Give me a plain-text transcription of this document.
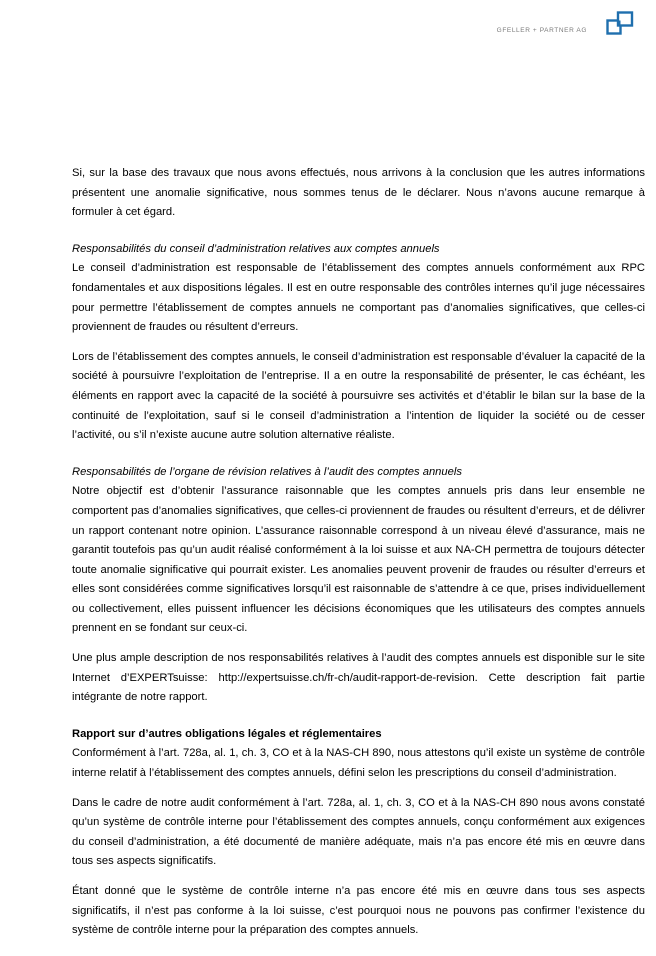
GFELLER + PARTNER AG

Si, sur la base des travaux que nous avons effectués, nous arrivons à la conclusion que les autres informations présentent une anomalie significative, nous sommes tenus de le déclarer. Nous n’avons aucune remarque à formuler à cet égard.

Responsabilités du conseil d’administration relatives aux comptes annuels

Le conseil d’administration est responsable de l’établissement des comptes annuels conformément aux RPC fondamentales et aux dispositions légales. Il est en outre responsable des contrôles internes qu’il juge nécessaires pour permettre l’établissement de comptes annuels ne comportant pas d’anomalies significatives, que celles-ci proviennent de fraudes ou résultent d’erreurs.

Lors de l’établissement des comptes annuels, le conseil d’administration est responsable d’évaluer la capacité de la société à poursuivre l’exploitation de l’entreprise. Il a en outre la responsabilité de présenter, le cas échéant, les éléments en rapport avec la capacité de la société à poursuivre ses activités et d’établir le bilan sur la base de la continuité de l’exploitation, sauf si le conseil d’administration a l’intention de liquider la société ou de cesser l’activité, ou s’il n’existe aucune autre solution alternative réaliste.

Responsabilités de l’organe de révision relatives à l’audit des comptes annuels

Notre objectif est d’obtenir l’assurance raisonnable que les comptes annuels pris dans leur ensemble ne comportent pas d’anomalies significatives, que celles-ci proviennent de fraudes ou résultent d’erreurs, et de délivrer un rapport contenant notre opinion. L’assurance raisonnable correspond à un niveau élevé d’assurance, mais ne garantit toutefois pas qu’un audit réalisé conformément à la loi suisse et aux NA-CH permettra de toujours détecter toute anomalie significative qui pourrait exister. Les anomalies peuvent provenir de fraudes ou résulter d’erreurs et elles sont considérées comme significatives lorsqu’il est raisonnable de s’attendre à ce que, prises individuellement ou collectivement, elles puissent influencer les décisions économiques que les utilisateurs des comptes annuels prennent en se fondant sur ceux-ci.

Une plus ample description de nos responsabilités relatives à l’audit des comptes annuels est disponible sur le site Internet d’EXPERTsuisse: http://expertsuisse.ch/fr-ch/audit-rapport-de-revision. Cette description fait partie intégrante de notre rapport.

Rapport sur d’autres obligations légales et réglementaires

Conformément à l’art. 728a, al. 1, ch. 3, CO et à la NAS-CH 890, nous attestons qu’il existe un système de contrôle interne relatif à l’établissement des comptes annuels, défini selon les prescriptions du conseil d’administration.

Dans le cadre de notre audit conformément à l’art. 728a, al. 1, ch. 3, CO et à la NAS-CH 890 nous avons constaté qu’un système de contrôle interne pour l’établissement des comptes annuels, conçu conformément aux exigences du conseil d’administration, a été documenté de manière adéquate, mais n’a pas encore été mis en œuvre dans tous ses aspects significatifs.

Étant donné que le système de contrôle interne n’a pas encore été mis en œuvre dans tous ses aspects significatifs, il n’est pas conforme à la loi suisse, c’est pourquoi nous ne pouvons pas confirmer l’existence du système de contrôle interne pour la préparation des comptes annuels.
